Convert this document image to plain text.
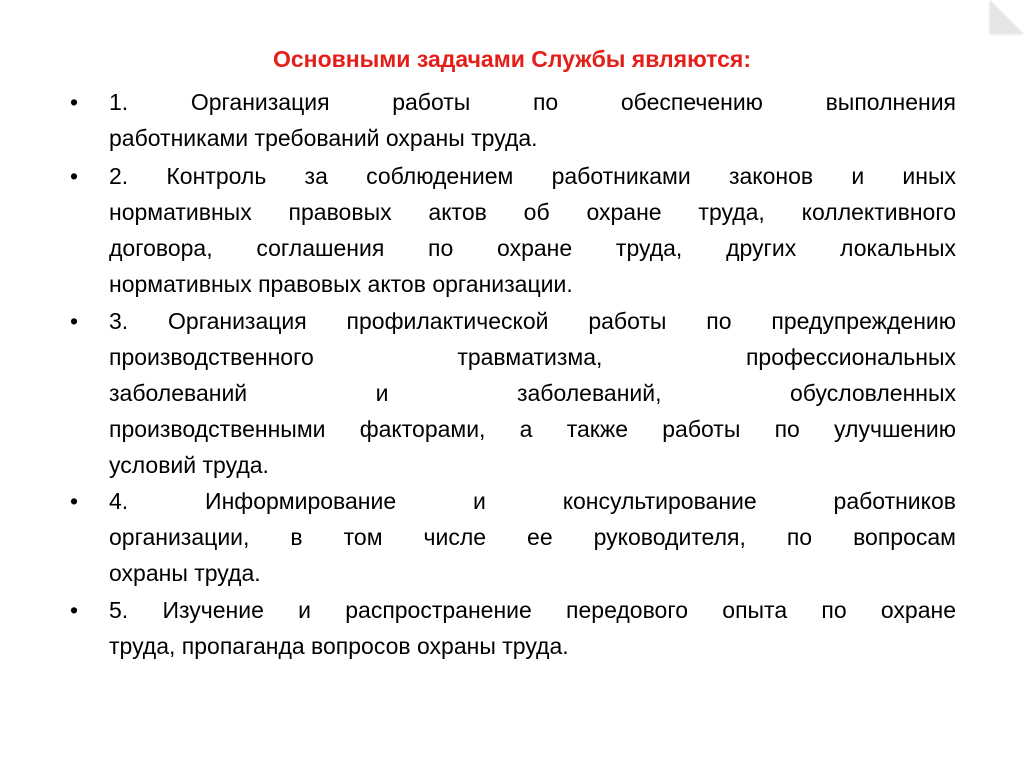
Основными задачами Службы являются:
• 1. Организация работы по обеспечению выполнения
работниками требований охраны труда.
• 2. Контроль за соблюдением работниками законов и иных
нормативных правовых актов об охране труда, коллективного
договора, соглашения по охране труда, других локальных
нормативных правовых актов организации.
• 3. Организация профилактической работы по предупреждению
производственного травматизма, профессиональных
заболеваний и заболеваний, обусловленных
производственными факторами, а также работы по улучшению
условий труда.
• 4. Информирование и консультирование работников
организации, в том числе ее руководителя, по вопросам
охраны труда.
• 5. Изучение и распространение передового опыта по охране
труда, пропаганда вопросов охраны труда.
